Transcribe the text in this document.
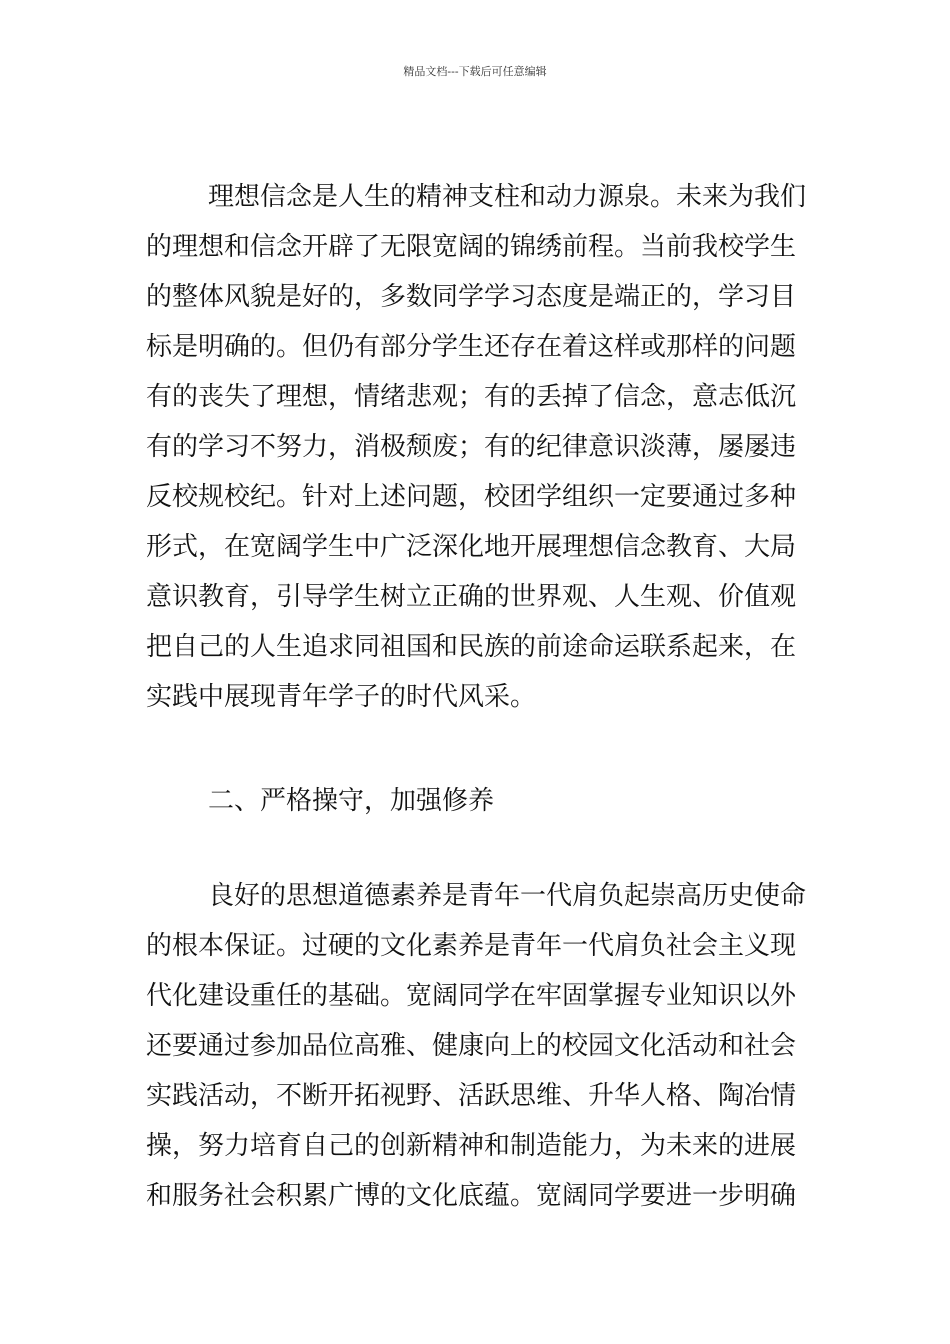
精品文档---下载后可任意编辑
理想信念是人生的精神支柱和动力源泉。未来为我们
的理想和信念开辟了无限宽阔的锦绣前程。当前我校学生
的整体风貌是好的，多数同学学习态度是端正的，学习目
标是明确的。但仍有部分学生还存在着这样或那样的问题
有的丧失了理想，情绪悲观；有的丢掉了信念，意志低沉
有的学习不努力，消极颓废；有的纪律意识淡薄，屡屡违
反校规校纪。针对上述问题，校团学组织一定要通过多种
形式，在宽阔学生中广泛深化地开展理想信念教育、大局
意识教育，引导学生树立正确的世界观、人生观、价值观
把自己的人生追求同祖国和民族的前途命运联系起来，在
实践中展现青年学子的时代风采。
二、严格操守，加强修养
良好的思想道德素养是青年一代肩负起崇高历史使命
的根本保证。过硬的文化素养是青年一代肩负社会主义现
代化建设重任的基础。宽阔同学在牢固掌握专业知识以外
还要通过参加品位高雅、健康向上的校园文化活动和社会
实践活动，不断开拓视野、活跃思维、升华人格、陶冶情
操，努力培育自己的创新精神和制造能力，为未来的进展
和服务社会积累广博的文化底蕴。宽阔同学要进一步明确
